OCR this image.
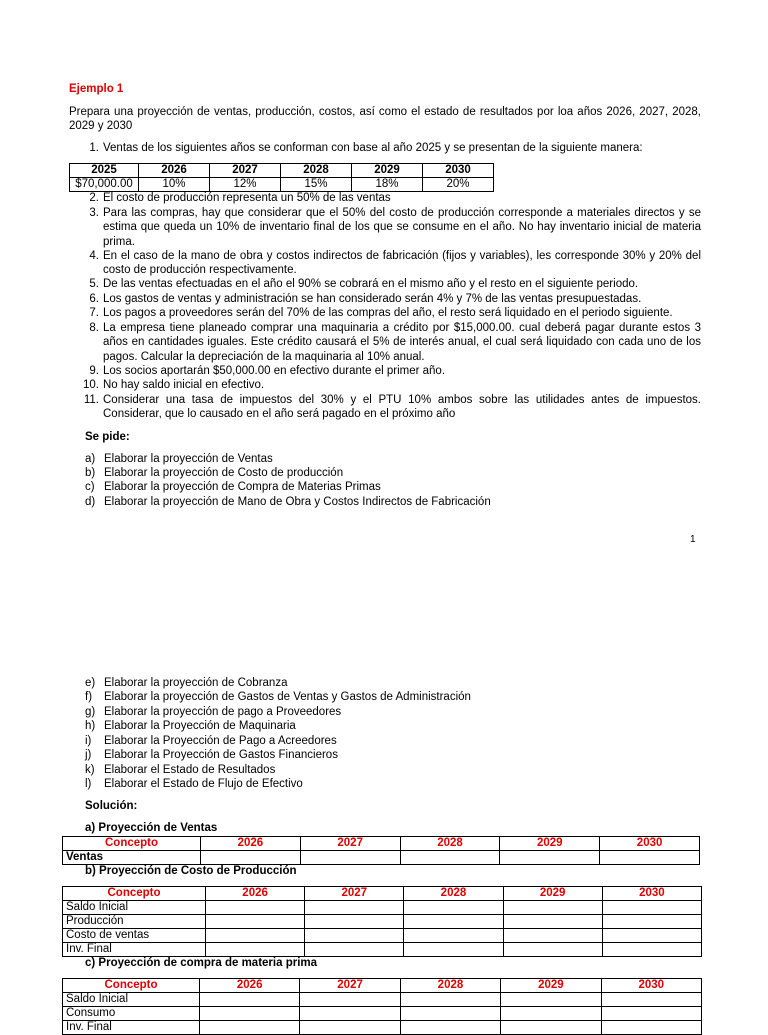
Ejemplo 1
Prepara una proyección de ventas, producción, costos, así como el estado de resultados por loa años 2026, 2027, 2028, 2029 y 2030
1. Ventas de los siguientes años se conforman con base al año 2025 y se presentan de la siguiente manera:
2025	2026	2027	2028	2029	2030
$70,000.00	10%	12%	15%	18%	20%
2. El costo de producción representa un 50% de las ventas
3. Para las compras, hay que considerar que el 50% del costo de producción corresponde a materiales directos y se estima que queda un 10% de inventario final de los que se consume en el año. No hay inventario inicial de materia prima.
4. En el caso de la mano de obra y costos indirectos de fabricación (fijos y variables), les corresponde 30% y 20% del costo de producción respectivamente.
5. De las ventas efectuadas en el año el 90% se cobrará en el mismo año y el resto en el siguiente periodo.
6. Los gastos de ventas y administración se han considerado serán 4% y 7% de las ventas presupuestadas.
7. Los pagos a proveedores serán del 70% de las compras del año, el resto será liquidado en el periodo siguiente.
8. La empresa tiene planeado comprar una maquinaria a crédito por $15,000.00. cual deberá pagar durante estos 3 años en cantidades iguales. Este crédito causará el 5% de interés anual, el cual será liquidado con cada uno de los pagos. Calcular la depreciación de la maquinaria al 10% anual.
9. Los socios aportarán $50,000.00 en efectivo durante el primer año.
10. No hay saldo inicial en efectivo.
11. Considerar una tasa de impuestos del 30% y el PTU 10% ambos sobre las utilidades antes de impuestos. Considerar, que lo causado en el año será pagado en el próximo año
Se pide:
a) Elaborar la proyección de Ventas
b) Elaborar la proyección de Costo de producción
c) Elaborar la proyección de Compra de Materias Primas
d) Elaborar la proyección de Mano de Obra y Costos Indirectos de Fabricación
1
e) Elaborar la proyección de Cobranza
f) Elaborar la proyección de Gastos de Ventas y Gastos de Administración
g) Elaborar la proyección de pago a Proveedores
h) Elaborar la Proyección de Maquinaria
i) Elaborar la Proyección de Pago a Acreedores
j) Elaborar la Proyección de Gastos Financieros
k) Elaborar el Estado de Resultados
l) Elaborar el Estado de Flujo de Efectivo
Solución:
a) Proyección de Ventas
Concepto	2026	2027	2028	2029	2030
Ventas					
b) Proyección de Costo de Producción
Concepto	2026	2027	2028	2029	2030
Saldo Inicial					
Producción					
Costo de ventas					
Inv. Final					
c) Proyección de compra de materia prima
Concepto	2026	2027	2028	2029	2030
Saldo Inicial					
Consumo					
Inv. Final					
